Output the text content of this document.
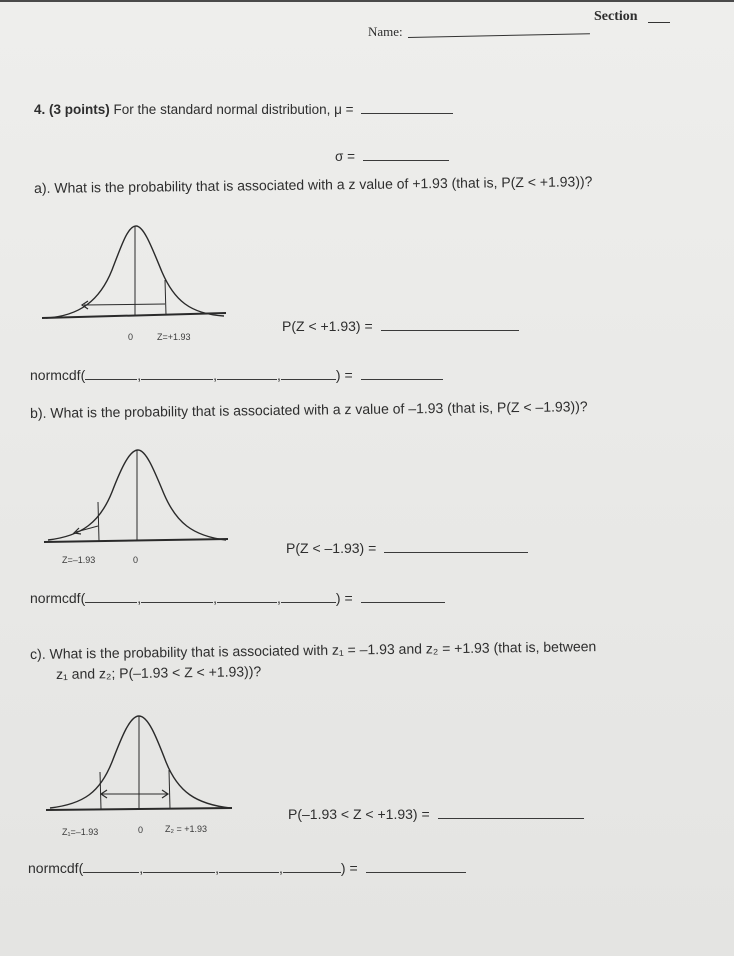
Name:
Section
4. (3 points) For the standard normal distribution, μ =
σ =
a). What is the probability that is associated with a z value of +1.93 (that is, P(Z < +1.93))?
0	Z=+1.93
P(Z < +1.93) =
normcdf(	,	,	,	) =
b). What is the probability that is associated with a z value of –1.93 (that is, P(Z < –1.93))?
Z=–1.93	0
P(Z < –1.93) =
normcdf(	,	,	,	) =
c). What is the probability that is associated with z₁ = –1.93 and z₂ = +1.93 (that is, between
z₁ and z₂; P(–1.93 < Z < +1.93))?
Z₁=–1.93	0 Z₂ = +1.93
P(–1.93 < Z < +1.93) =
normcdf(	,	,	,	) =
